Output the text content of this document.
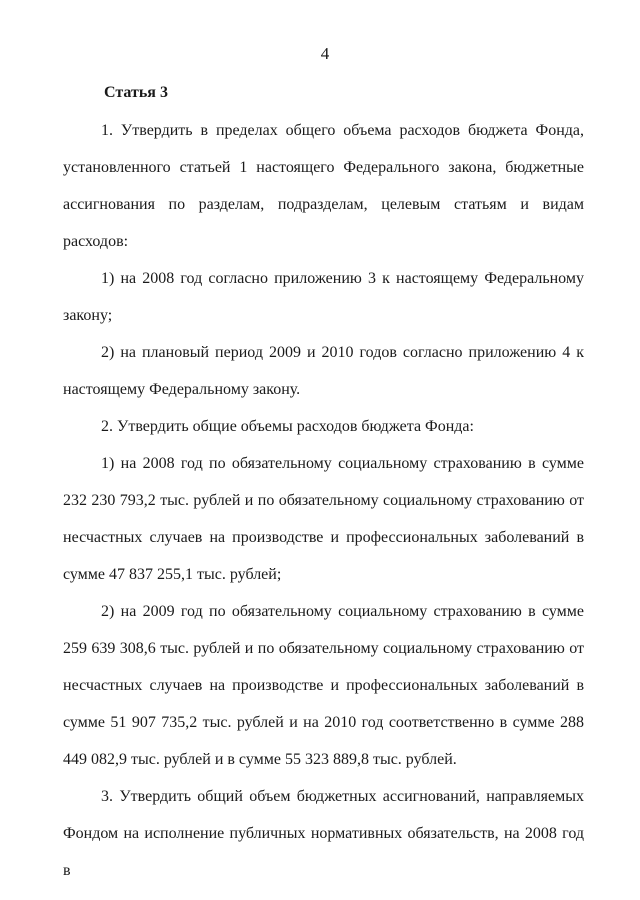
4
Статья 3

1. Утвердить в пределах общего объема расходов бюджета Фонда, установленного статьей 1 настоящего Федерального закона, бюджетные ассигнования по разделам, подразделам, целевым статьям и видам расходов:

1) на 2008 год согласно приложению 3 к настоящему Федеральному закону;

2) на плановый период 2009 и 2010 годов согласно приложению 4 к настоящему Федеральному закону.

2. Утвердить общие объемы расходов бюджета Фонда:

1) на 2008 год по обязательному социальному страхованию в сумме 232 230 793,2 тыс. рублей и по обязательному социальному страхованию от несчастных случаев на производстве и профессиональных заболеваний в сумме 47 837 255,1 тыс. рублей;

2) на 2009 год по обязательному социальному страхованию в сумме 259 639 308,6 тыс. рублей и по обязательному социальному страхованию от несчастных случаев на производстве и профессиональных заболеваний в сумме 51 907 735,2 тыс. рублей и на 2010 год соответственно в сумме 288 449 082,9 тыс. рублей и в сумме 55 323 889,8 тыс. рублей.

3. Утвердить общий объем бюджетных ассигнований, направляемых Фондом на исполнение публичных нормативных обязательств, на 2008 год в
